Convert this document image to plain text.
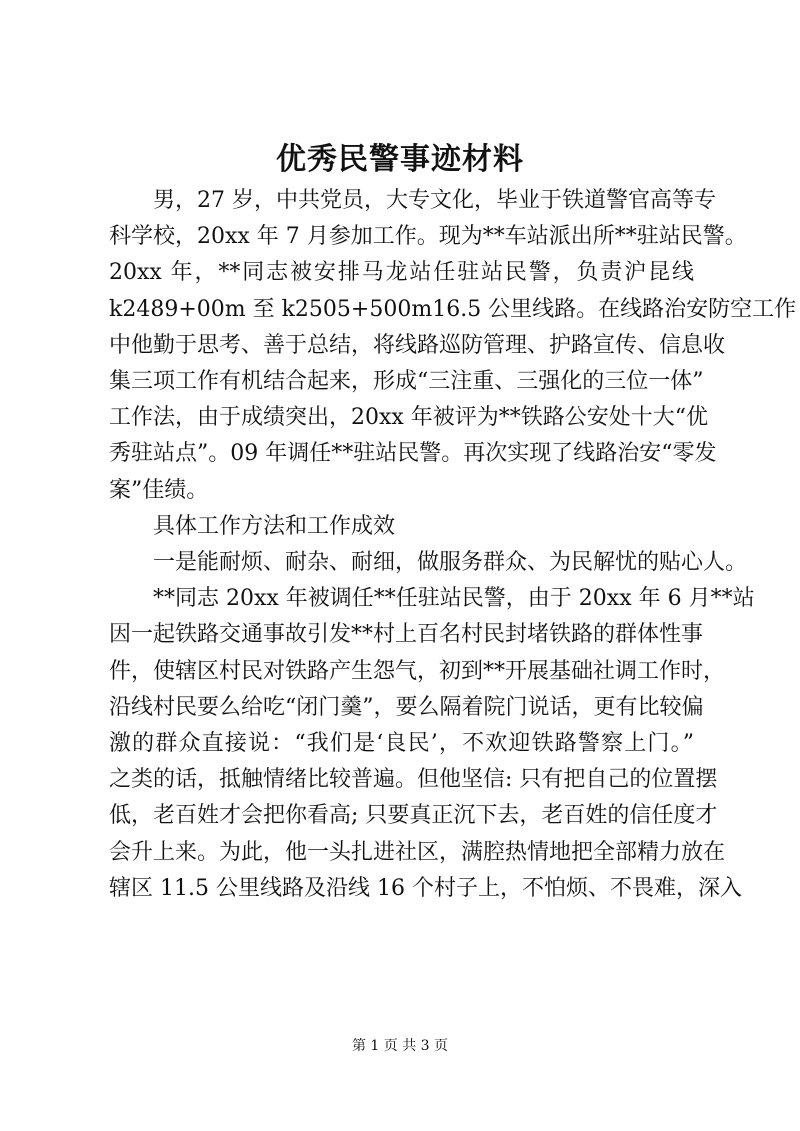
优秀民警事迹材料
男，27 岁，中共党员，大专文化，毕业于铁道警官高等专
科学校，20xx 年 7 月参加工作。现为**车站派出所**驻站民警。
20xx 年，**同志被安排马龙站任驻站民警，负责沪昆线
k2489+00m 至 k2505+500m16.5 公里线路。在线路治安防空工作
中他勤于思考、善于总结，将线路巡防管理、护路宣传、信息收
集三项工作有机结合起来，形成“三注重、三强化的三位一体”
工作法，由于成绩突出，20xx 年被评为**铁路公安处十大“优
秀驻站点”。09 年调任**驻站民警。再次实现了线路治安“零发
案”佳绩。
具体工作方法和工作成效
一是能耐烦、耐杂、耐细，做服务群众、为民解忧的贴心人。
**同志 20xx 年被调任**任驻站民警，由于 20xx 年 6 月**站
因一起铁路交通事故引发**村上百名村民封堵铁路的群体性事
件，使辖区村民对铁路产生怨气，初到**开展基础社调工作时，
沿线村民要么给吃“闭门羹”，要么隔着院门说话，更有比较偏
激的群众直接说：“我们是‘良民’，不欢迎铁路警察上门。”
之类的话，抵触情绪比较普遍。但他坚信: 只有把自己的位置摆
低，老百姓才会把你看高; 只要真正沉下去，老百姓的信任度才
会升上来。为此，他一头扎进社区，满腔热情地把全部精力放在
辖区 11.5 公里线路及沿线 16 个村子上，不怕烦、不畏难，深入
第 1 页 共 3 页
